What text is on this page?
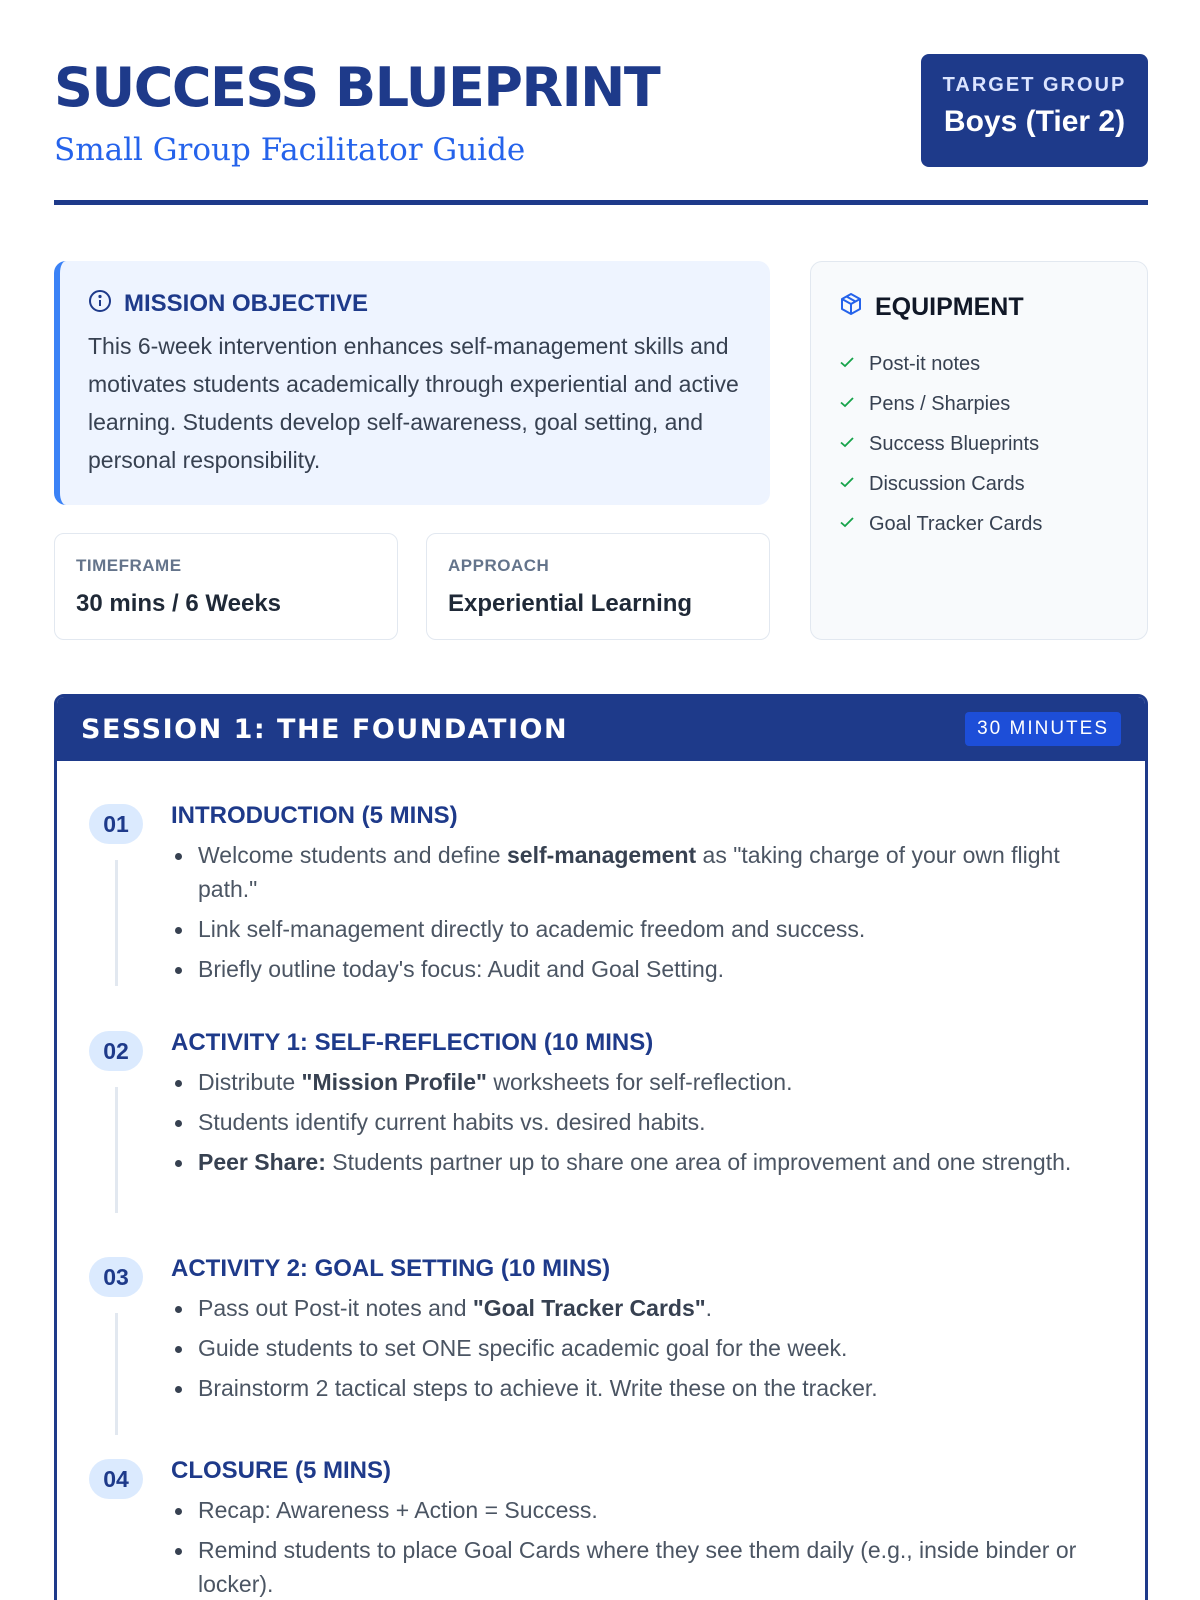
SUCCESS BLUEPRINT
Small Group Facilitator Guide
TARGET GROUP
Boys (Tier 2)
MISSION OBJECTIVE
This 6-week intervention enhances self-management skills and motivates students academically through experiential and active learning. Students develop self-awareness, goal setting, and personal responsibility.
TIMEFRAME
30 mins / 6 Weeks
APPROACH
Experiential Learning
EQUIPMENT
Post-it notes
Pens / Sharpies
Success Blueprints
Discussion Cards
Goal Tracker Cards
SESSION 1: THE FOUNDATION	30 MINUTES
01	INTRODUCTION (5 MINS)
Welcome students and define self-management as "taking charge of your own flight path."
Link self-management directly to academic freedom and success.
Briefly outline today's focus: Audit and Goal Setting.
02	ACTIVITY 1: SELF-REFLECTION (10 MINS)
Distribute "Mission Profile" worksheets for self-reflection.
Students identify current habits vs. desired habits.
Peer Share: Students partner up to share one area of improvement and one strength.
03	ACTIVITY 2: GOAL SETTING (10 MINS)
Pass out Post-it notes and "Goal Tracker Cards".
Guide students to set ONE specific academic goal for the week.
Brainstorm 2 tactical steps to achieve it. Write these on the tracker.
04	CLOSURE (5 MINS)
Recap: Awareness + Action = Success.
Remind students to place Goal Cards where they see them daily (e.g., inside binder or locker).
